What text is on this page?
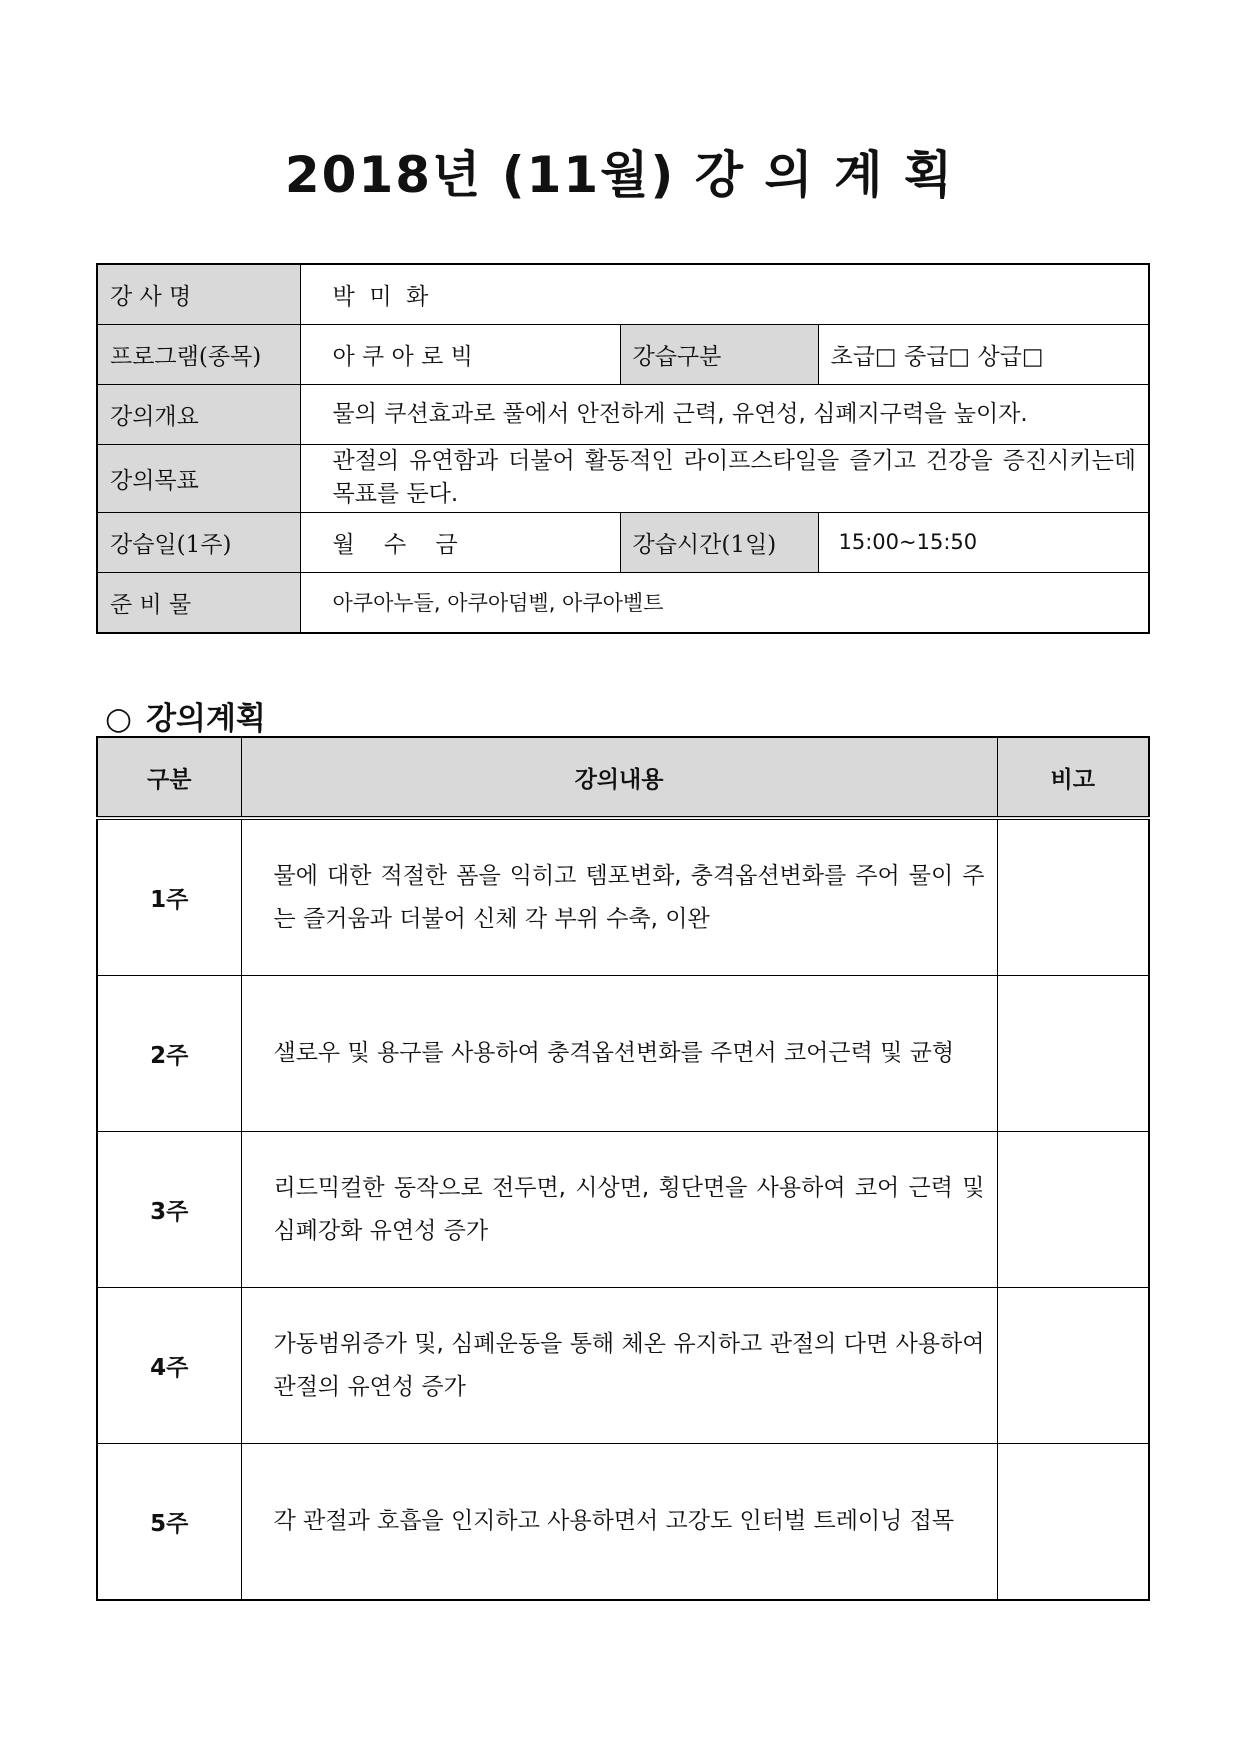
2018년 (11월) 강 의 계 획
강 사 명	박  미  화		
프로그램(종목)	아 쿠 아 로 빅	강습구분	초급□ 중급□ 상급□
강의개요	물의 쿠션효과로 풀에서 안전하게 근력, 유연성, 심폐지구력을 높이자.		
강의목표	관절의 유연함과 더불어 활동적인 라이프스타일을 즐기고 건강을 증진시키는데 목표를 둔다.		
강습일(1주)	월    수    금	강습시간(1일)	15:00~15:50
준 비 물	아쿠아누들, 아쿠아덤벨, 아쿠아벨트		
○ 강의계획
구분	강의내용	비고
1주	물에 대한 적절한 폼을 익히고 템포변화, 충격옵션변화를 주어 물이 주는 즐거움과 더불어 신체 각 부위 수축, 이완	
2주	샐로우 및 용구를 사용하여 충격옵션변화를 주면서 코어근력 및 균형	
3주	리드믹컬한 동작으로 전두면, 시상면, 횡단면을 사용하여 코어 근력 및 심폐강화 유연성 증가	
4주	가동범위증가 및, 심폐운동을 통해 체온 유지하고 관절의 다면 사용하여 관절의 유연성 증가	
5주	각 관절과 호흡을 인지하고 사용하면서 고강도 인터벌 트레이닝 접목	
